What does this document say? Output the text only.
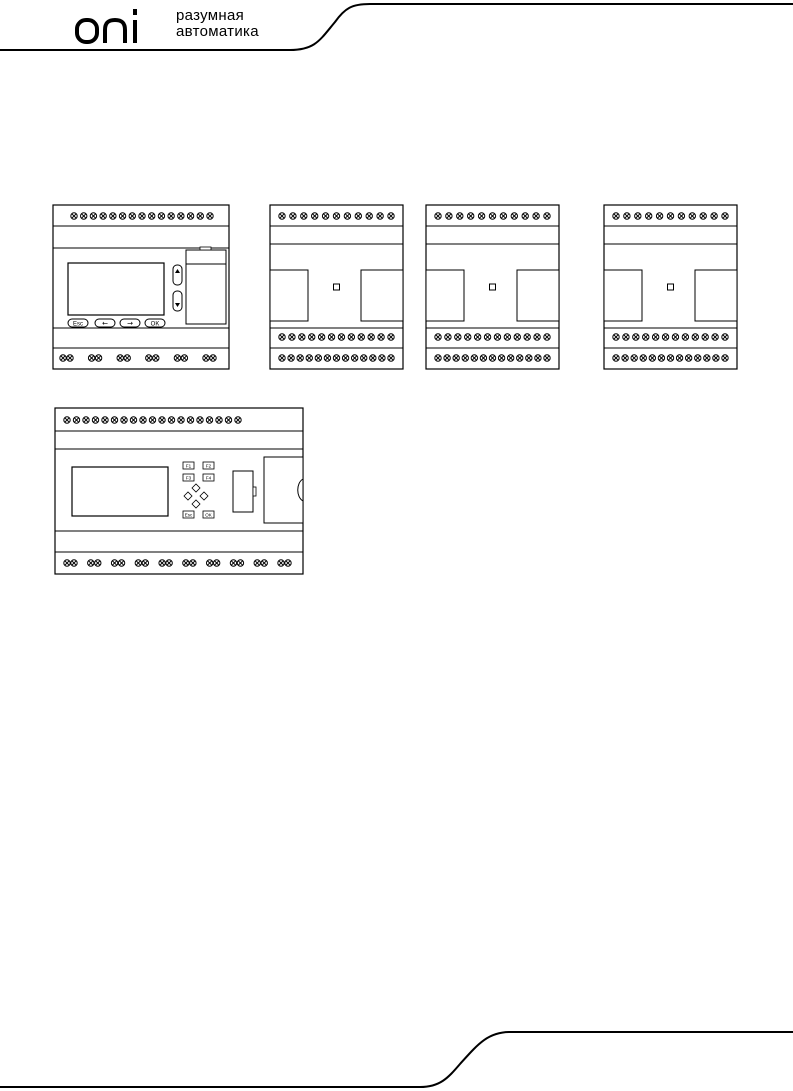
разумная
автоматика
Esc	←	→	OK
F1	F2
F3	F4
Esc	OK
